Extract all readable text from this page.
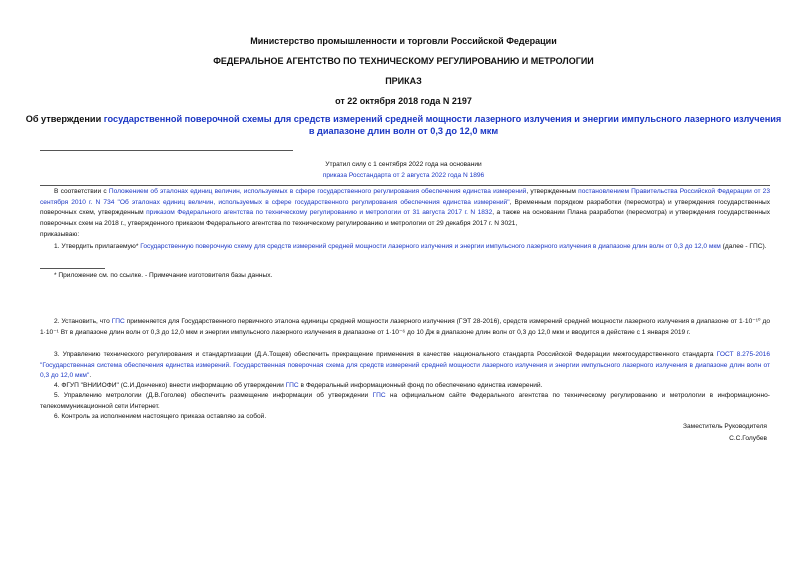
Министерство промышленности и торговли Российской Федерации
ФЕДЕРАЛЬНОЕ АГЕНТСТВО ПО ТЕХНИЧЕСКОМУ РЕГУЛИРОВАНИЮ И МЕТРОЛОГИИ
ПРИКАЗ
от 22 октября 2018 года N 2197
Об утверждении государственной поверочной схемы для средств измерений средней мощности лазерного излучения и энергии импульсного лазерного излучения
в диапазоне длин волн от 0,3 до 12,0 мкм
Утратил силу с 1 сентября 2022 года на основании
приказа Росстандарта от 2 августа 2022 года N 1896
В соответствии с Положением об эталонах единиц величин, используемых в сфере государственного регулирования обеспечения единства измерений, утвержденным постановлением Правительства Российской Федерации от 23 сентября 2010 г. N 734 "Об эталонах единиц величин, используемых в сфере государственного регулирования обеспечения единства измерений", Временным порядком разработки (пересмотра) и утверждения государственных поверочных схем, утвержденным приказом Федерального агентства по техническому регулированию и метрологии от 31 августа 2017 г. N 1832, а также на основании Плана разработки (пересмотра) и утверждения государственных поверочных схем на 2018 г., утвержденного приказом Федерального агентства по техническому регулированию и метрологии от 29 декабря 2017 г. N 3021,
приказываю:
1. Утвердить прилагаемую* Государственную поверочную схему для средств измерений средней мощности лазерного излучения и энергии импульсного лазерного излучения в диапазоне длин волн от 0,3 до 12,0 мкм (далее - ГПС).
* Приложение см. по ссылке. - Примечание изготовителя базы данных.
2. Установить, что ГПС применяется для Государственного первичного эталона единицы средней мощности лазерного излучения (ГЭТ 28-2016), средств измерений средней мощности лазерного излучения в диапазоне от 1·10⁻¹⁰ до 1·10⁻¹ Вт в диапазоне длин волн от 0,3 до 12,0 мкм и энергии импульсного лазерного излучения в диапазоне от 1·10⁻⁶ до 10 Дж в диапазоне длин волн от 0,3 до 12,0 мкм и вводится в действие с 1 января 2019 г.
3. Управлению технического регулирования и стандартизации (Д.А.Тощев) обеспечить прекращение применения в качестве национального стандарта Российской Федерации межгосударственного стандарта ГОСТ 8.275-2016 "Государственная система обеспечения единства измерений. Государственная поверочная схема для средств измерений средней мощности лазерного излучения и энергии импульсного лазерного излучения в диапазоне длин волн от 0,3 до 12,0 мкм".
4. ФГУП "ВНИИОФИ" (С.И.Донченко) внести информацию об утверждении ГПС в Федеральный информационный фонд по обеспечению единства измерений.
5. Управлению метрологии (Д.В.Гоголев) обеспечить размещение информации об утверждении ГПС на официальном сайте Федерального агентства по техническому регулированию и метрологии в информационно-телекоммуникационной сети Интернет.
6. Контроль за исполнением настоящего приказа оставляю за собой.
Заместитель Руководителя
С.С.Голубев
